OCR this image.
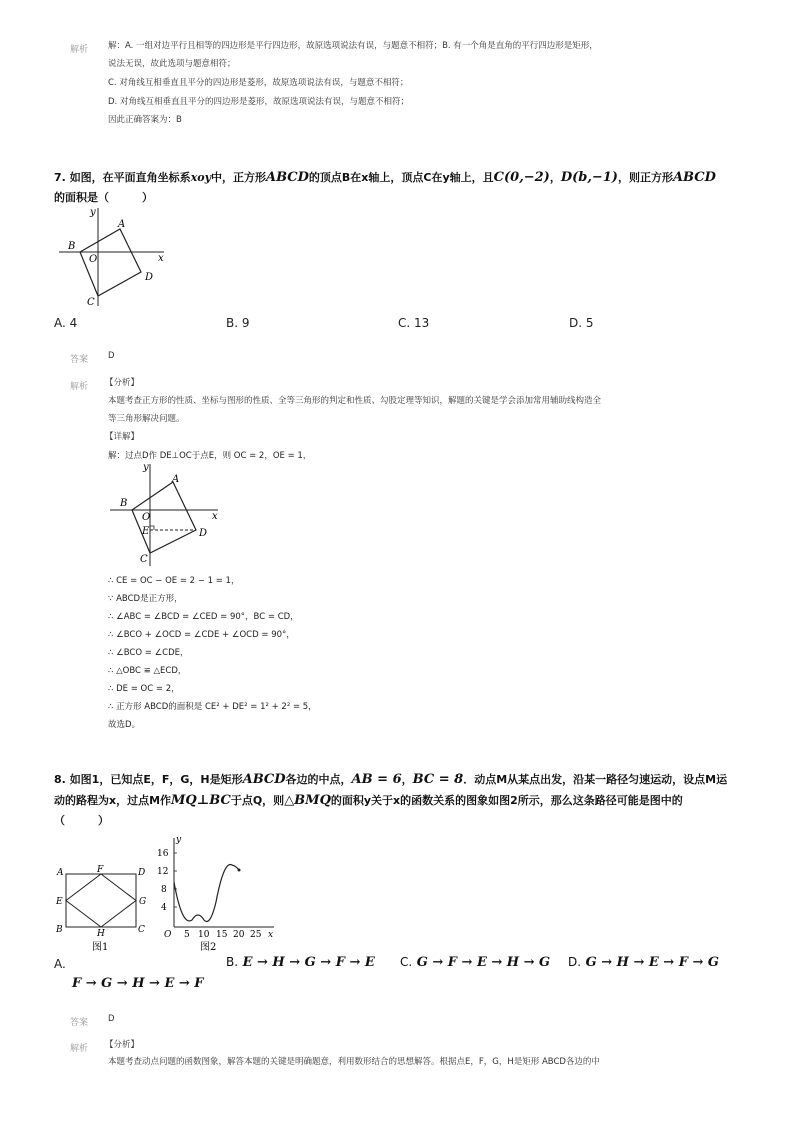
解析 解：A. 一组对边平行且相等的四边形是平行四边形，故原选项说法有误，与题意不相符；B. 有一个角是直角的平行四边形是矩形，
说法无误，故此选项与题意相符；
C. 对角线互相垂直且平分的四边形是菱形，故原选项说法有误，与题意不相符；
D. 对角线互相垂直且平分的四边形是菱形，故原选项说法有误，与题意不相符；
因此正确答案为：B
7. 如图，在平面直角坐标系xoy中，正方形ABCD的顶点B在x轴上，顶点C在y轴上，且C(0,−2)，D(b,−1)，则正方形ABCD
的面积是（　　　）
y
A
B
O	x
D
C
A. 4	B. 9	C. 13	D. 5
答案 D
解析 【分析】
本题考查正方形的性质、坐标与图形的性质、全等三角形的判定和性质、勾股定理等知识，解题的关键是学会添加常用辅助线构造全
等三角形解决问题。
【详解】
解：过点D作 DE⊥OC于点E，则 OC = 2，OE = 1，
y
A
B
O	x
E	D
C
∴ CE = OC − OE = 2 − 1 = 1，
∵ ABCD是正方形，
∴ ∠ABC = ∠BCD = ∠CED = 90°，BC = CD，
∴ ∠BCO + ∠OCD = ∠CDE + ∠OCD = 90°，
∴ ∠BCO = ∠CDE，
∴ △OBC ≌ △ECD，
∴ DE = OC = 2，
∴ 正方形 ABCD的面积是 CE² + DE² = 1² + 2² = 5，
故选D。
8. 如图1，已知点E，F，G，H是矩形ABCD各边的中点，AB = 6，BC = 8．动点M从某点出发，沿某一路径匀速运动，设点M运
动的路程为x，过点M作MQ⊥BC于点Q，则△BMQ的面积y关于x的函数关系的图象如图2所示，那么这条路径可能是图中的
（　　　）
A	F	D
E	G
B	H	C
图1
y
16
12
8
4
O 5 10 15 20 25 x
图2
A.	B. E → H → G → F → E C. G → F → E → H → G D. G → H → E → F → G
F → G → H → E → F
答案 D
解析 【分析】
本题考查动点问题的函数图象，解答本题的关键是明确题意，利用数形结合的思想解答。根据点E，F，G，H是矩形 ABCD各边的中
